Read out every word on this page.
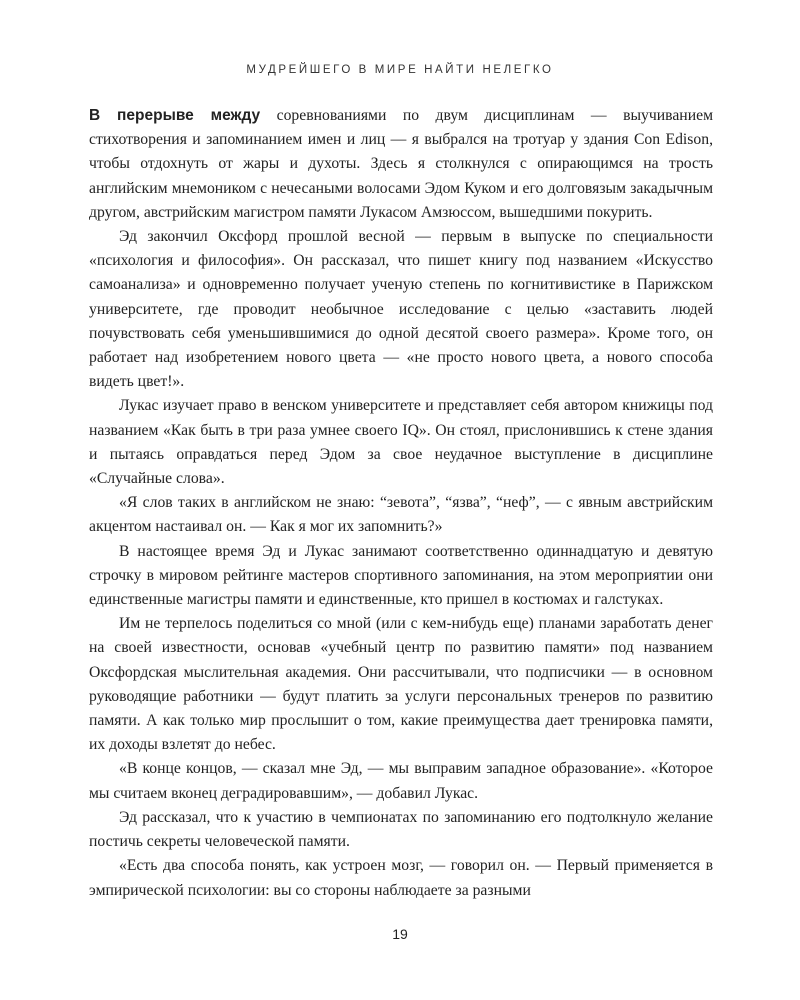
МУДРЕЙШЕГО В МИРЕ НАЙТИ НЕЛЕГКО

В перерыве между соревнованиями по двум дисциплинам — выучиванием стихотворения и запоминанием имен и лиц — я выбрался на тротуар у здания Con Edison, чтобы отдохнуть от жары и духоты. Здесь я столкнулся с опирающимся на трость английским мнемоником с нечесаными волосами Эдом Куком и его долговязым закадычным другом, австрийским магистром памяти Лукасом Амзюссом, вышедшими покурить.

Эд закончил Оксфорд прошлой весной — первым в выпуске по специальности «психология и философия». Он рассказал, что пишет книгу под названием «Искусство самоанализа» и одновременно получает ученую степень по когнитивистике в Парижском университете, где проводит необычное исследование с целью «заставить людей почувствовать себя уменьшившимися до одной десятой своего размера». Кроме того, он работает над изобретением нового цвета — «не просто нового цвета, а нового способа видеть цвет!».

Лукас изучает право в венском университете и представляет себя автором книжицы под названием «Как быть в три раза умнее своего IQ». Он стоял, прислонившись к стене здания и пытаясь оправдаться перед Эдом за свое неудачное выступление в дисциплине «Случайные слова».

«Я слов таких в английском не знаю: “зевота”, “язва”, “неф”, — с явным австрийским акцентом настаивал он. — Как я мог их запомнить?»

В настоящее время Эд и Лукас занимают соответственно одиннадцатую и девятую строчку в мировом рейтинге мастеров спортивного запоминания, на этом мероприятии они единственные магистры памяти и единственные, кто пришел в костюмах и галстуках.

Им не терпелось поделиться со мной (или с кем-нибудь еще) планами заработать денег на своей известности, основав «учебный центр по развитию памяти» под названием Оксфордская мыслительная академия. Они рассчитывали, что подписчики — в основном руководящие работники — будут платить за услуги персональных тренеров по развитию памяти. А как только мир прослышит о том, какие преимущества дает тренировка памяти, их доходы взлетят до небес.

«В конце концов, — сказал мне Эд, — мы выправим западное образование». «Которое мы считаем вконец деградировавшим», — добавил Лукас.

Эд рассказал, что к участию в чемпионатах по запоминанию его подтолкнуло желание постичь секреты человеческой памяти.

«Есть два способа понять, как устроен мозг, — говорил он. — Первый применяется в эмпирической психологии: вы со стороны наблюдаете за разными

19
